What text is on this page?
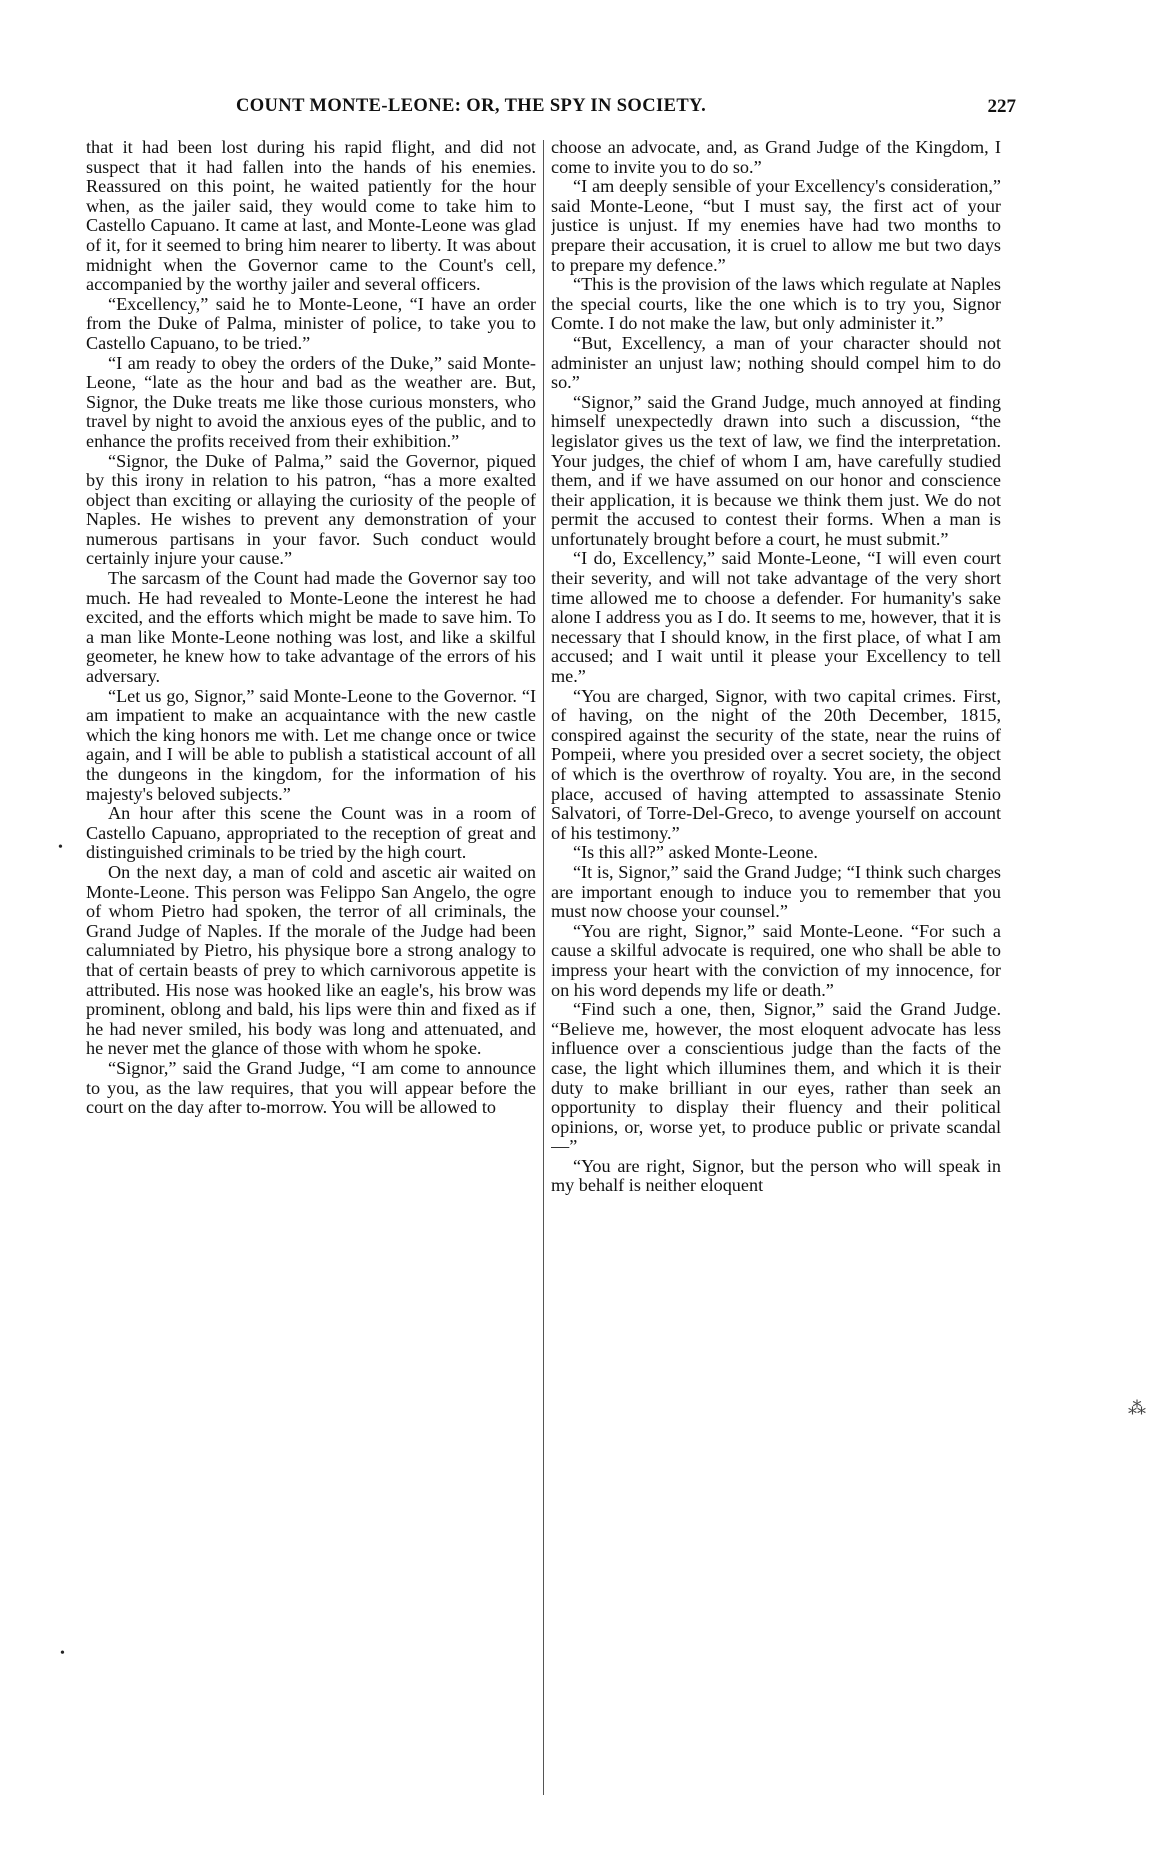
COUNT MONTE-LEONE: OR, THE SPY IN SOCIETY.	227

that it had been lost during his rapid flight, and did not suspect that it had fallen into the hands of his enemies. Reassured on this point, he waited patiently for the hour when, as the jailer said, they would come to take him to Castello Capuano. It came at last, and Monte-Leone was glad of it, for it seemed to bring him nearer to liberty. It was about midnight when the Governor came to the Count's cell, accompanied by the worthy jailer and several officers.

“Excellency,” said he to Monte-Leone, “I have an order from the Duke of Palma, minister of police, to take you to Castello Capuano, to be tried.”

“I am ready to obey the orders of the Duke,” said Monte-Leone, “late as the hour and bad as the weather are. But, Signor, the Duke treats me like those curious monsters, who travel by night to avoid the anxious eyes of the public, and to enhance the profits received from their exhibition.”

“Signor, the Duke of Palma,” said the Governor, piqued by this irony in relation to his patron, “has a more exalted object than exciting or allaying the curiosity of the people of Naples. He wishes to prevent any demonstration of your numerous partisans in your favor. Such conduct would certainly injure your cause.”

The sarcasm of the Count had made the Governor say too much. He had revealed to Monte-Leone the interest he had excited, and the efforts which might be made to save him. To a man like Monte-Leone nothing was lost, and like a skilful geometer, he knew how to take advantage of the errors of his adversary.

“Let us go, Signor,” said Monte-Leone to the Governor. “I am impatient to make an acquaintance with the new castle which the king honors me with. Let me change once or twice again, and I will be able to publish a statistical account of all the dungeons in the kingdom, for the information of his majesty's beloved subjects.”

An hour after this scene the Count was in a room of Castello Capuano, appropriated to the reception of great and distinguished criminals to be tried by the high court.

On the next day, a man of cold and ascetic air waited on Monte-Leone. This person was Felippo San Angelo, the ogre of whom Pietro had spoken, the terror of all criminals, the Grand Judge of Naples. If the morale of the Judge had been calumniated by Pietro, his physique bore a strong analogy to that of certain beasts of prey to which carnivorous appetite is attributed. His nose was hooked like an eagle's, his brow was prominent, oblong and bald, his lips were thin and fixed as if he had never smiled, his body was long and attenuated, and he never met the glance of those with whom he spoke.

“Signor,” said the Grand Judge, “I am come to announce to you, as the law requires, that you will appear before the court on the day after to-morrow. You will be allowed to

choose an advocate, and, as Grand Judge of the Kingdom, I come to invite you to do so.”

“I am deeply sensible of your Excellency's consideration,” said Monte-Leone, “but I must say, the first act of your justice is unjust. If my enemies have had two months to prepare their accusation, it is cruel to allow me but two days to prepare my defence.”

“This is the provision of the laws which regulate at Naples the special courts, like the one which is to try you, Signor Comte. I do not make the law, but only administer it.”

“But, Excellency, a man of your character should not administer an unjust law; nothing should compel him to do so.”

“Signor,” said the Grand Judge, much annoyed at finding himself unexpectedly drawn into such a discussion, “the legislator gives us the text of law, we find the interpretation. Your judges, the chief of whom I am, have carefully studied them, and if we have assumed on our honor and conscience their application, it is because we think them just. We do not permit the accused to contest their forms. When a man is unfortunately brought before a court, he must submit.”

“I do, Excellency,” said Monte-Leone, “I will even court their severity, and will not take advantage of the very short time allowed me to choose a defender. For humanity's sake alone I address you as I do. It seems to me, however, that it is necessary that I should know, in the first place, of what I am accused; and I wait until it please your Excellency to tell me.”

“You are charged, Signor, with two capital crimes. First, of having, on the night of the 20th December, 1815, conspired against the security of the state, near the ruins of Pompeii, where you presided over a secret society, the object of which is the overthrow of royalty. You are, in the second place, accused of having attempted to assassinate Stenio Salvatori, of Torre-Del-Greco, to avenge yourself on account of his testimony.”

“Is this all?” asked Monte-Leone.

“It is, Signor,” said the Grand Judge; “I think such charges are important enough to induce you to remember that you must now choose your counsel.”

“You are right, Signor,” said Monte-Leone. “For such a cause a skilful advocate is required, one who shall be able to impress your heart with the conviction of my innocence, for on his word depends my life or death.”

“Find such a one, then, Signor,” said the Grand Judge. “Believe me, however, the most eloquent advocate has less influence over a conscientious judge than the facts of the case, the light which illumines them, and which it is their duty to make brilliant in our eyes, rather than seek an opportunity to display their fluency and their political opinions, or, worse yet, to produce public or private scandal—”

“You are right, Signor, but the person who will speak in my behalf is neither eloquent

•
•
⁂
